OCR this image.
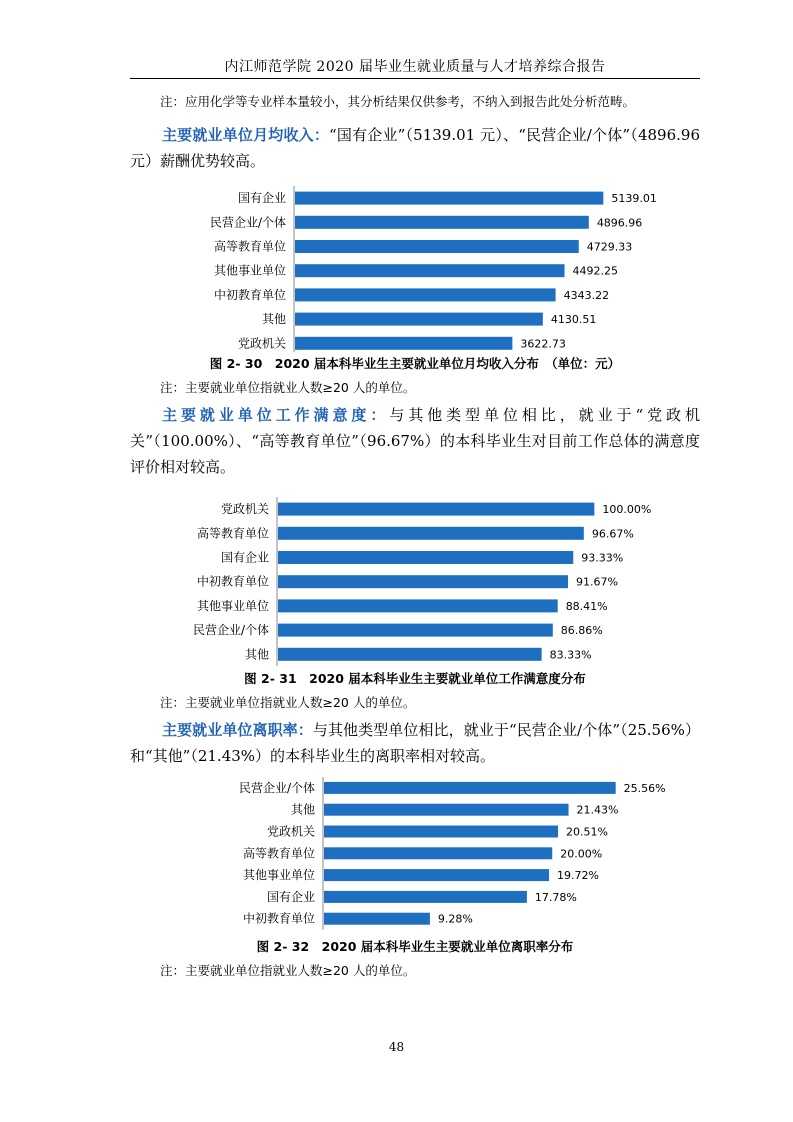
内江师范学院 2020 届毕业生就业质量与人才培养综合报告
注：应用化学等专业样本量较小，其分析结果仅供参考，不纳入到报告此处分析范畴。
主要就业单位月均收入：“国有企业”（5139.01 元）、“民营企业/个体”（4896.96 元）薪酬优势较高。
国有企业	5139.01
民营企业/个体	4896.96
高等教育单位	4729.33
其他事业单位	4492.25
中初教育单位	4343.22
其他	4130.51
党政机关	3622.73
图 2- 30　2020 届本科毕业生主要就业单位月均收入分布　（单位：元）
注：主要就业单位指就业人数≥20 人的单位。
主要就业单位工作满意度：与其他类型单位相比，就业于“党政机关”（100.00%）、“高等教育单位”（96.67%）的本科毕业生对目前工作总体的满意度评价相对较高。
党政机关	100.00%
高等教育单位	96.67%
国有企业	93.33%
中初教育单位	91.67%
其他事业单位	88.41%
民营企业/个体	86.86%
其他	83.33%
图 2- 31　2020 届本科毕业生主要就业单位工作满意度分布
注：主要就业单位指就业人数≥20 人的单位。
主要就业单位离职率：与其他类型单位相比，就业于“民营企业/个体”（25.56%）和“其他”（21.43%）的本科毕业生的离职率相对较高。
民营企业/个体	25.56%
其他	21.43%
党政机关	20.51%
高等教育单位	20.00%
其他事业单位	19.72%
国有企业	17.78%
中初教育单位	9.28%
图 2- 32　2020 届本科毕业生主要就业单位离职率分布
注：主要就业单位指就业人数≥20 人的单位。
48
